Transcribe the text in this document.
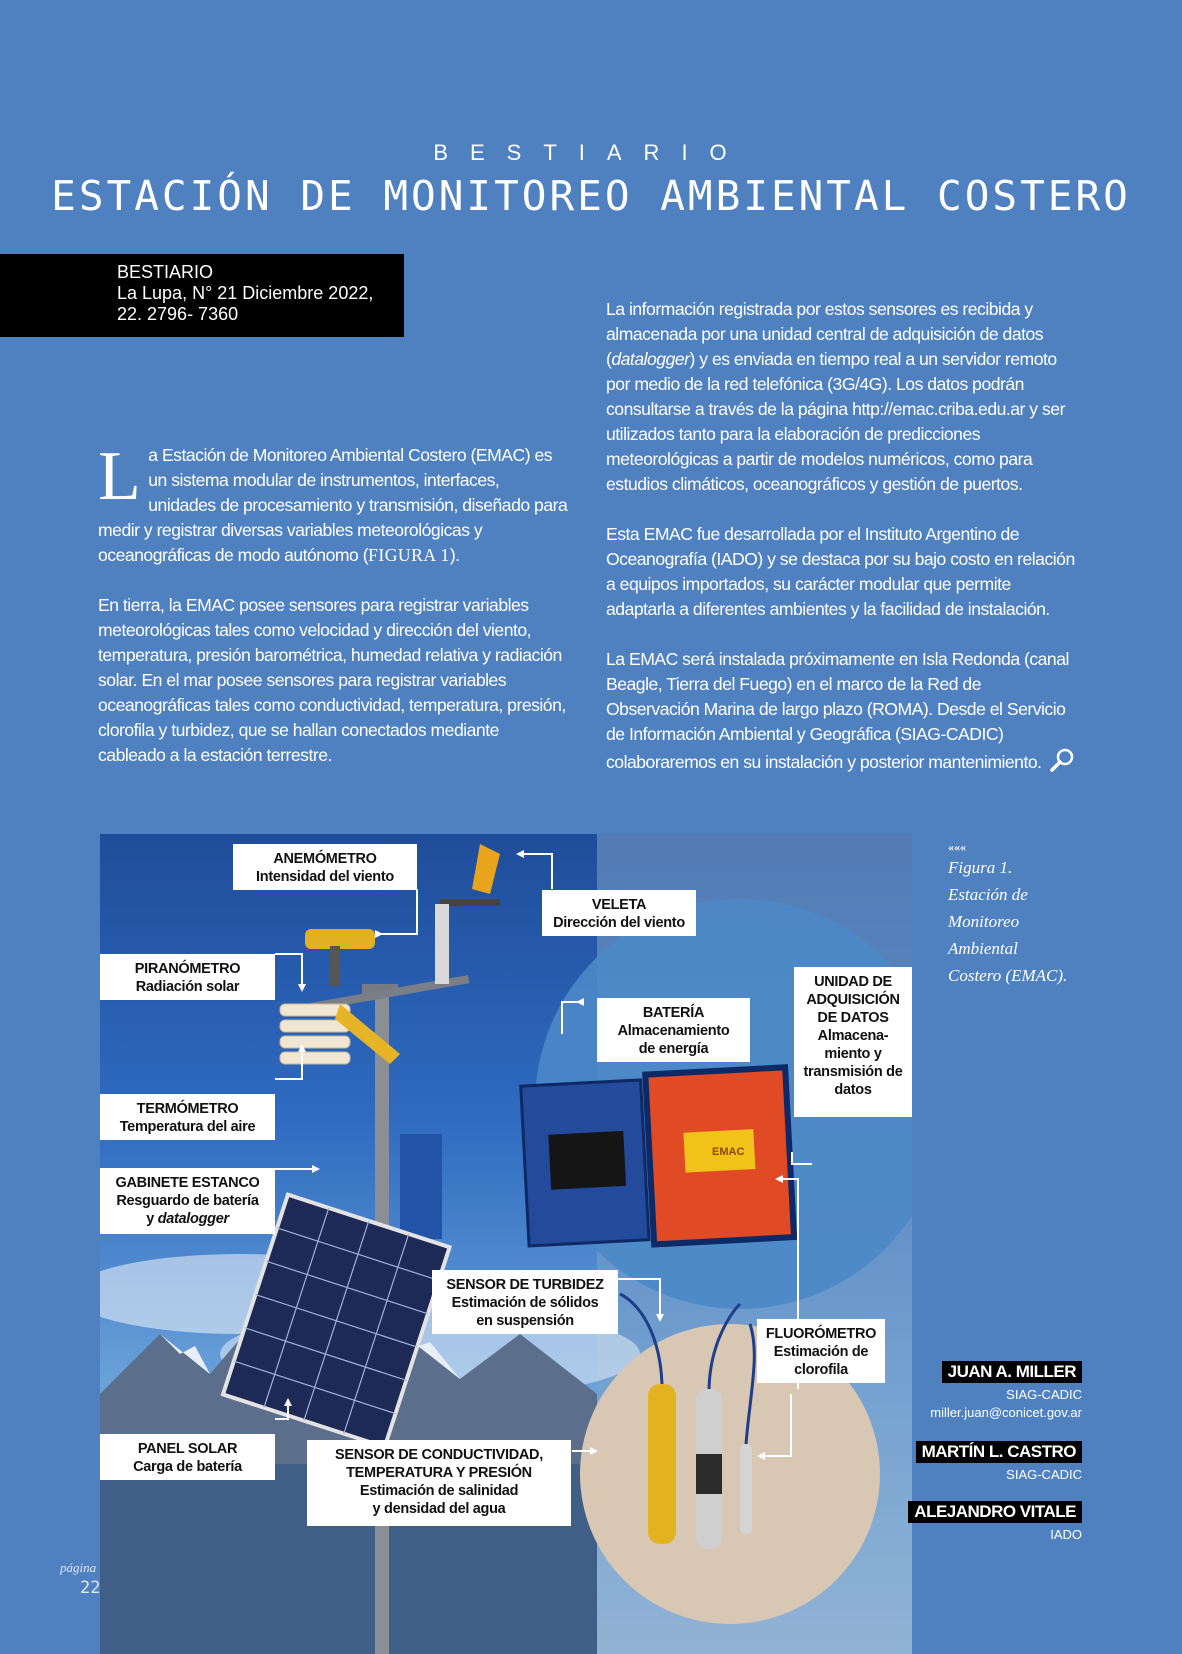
BESTIARIO
ESTACIÓN DE MONITOREO AMBIENTAL COSTERO
BESTIARIO
La Lupa, N° 21 Diciembre 2022,
22. 2796- 7360

La Estación de Monitoreo Ambiental Costero (EMAC) es un sistema modular de instrumentos, interfaces, unidades de procesamiento y transmisión, diseñado para medir y registrar diversas variables meteorológicas y oceanográficas de modo autónomo (FIGURA 1).

En tierra, la EMAC posee sensores para registrar variables meteorológicas tales como velocidad y dirección del viento, temperatura, presión barométrica, humedad relativa y radiación solar. En el mar posee sensores para registrar variables oceanográficas tales como conductividad, temperatura, presión, clorofila y turbidez, que se hallan conectados mediante cableado a la estación terrestre.

La información registrada por estos sensores es recibida y almacenada por una unidad central de adquisición de datos (datalogger) y es enviada en tiempo real a un servidor remoto por medio de la red telefónica (3G/4G). Los datos podrán consultarse a través de la página http://emac.criba.edu.ar y ser utilizados tanto para la elaboración de predicciones meteorológicas a partir de modelos numéricos, como para estudios climáticos, oceanográficos y gestión de puertos.

Esta EMAC fue desarrollada por el Instituto Argentino de Oceanografía (IADO) y se destaca por su bajo costo en relación a equipos importados, su carácter modular que permite adaptarla a diferentes ambientes y la facilidad de instalación.

La EMAC será instalada próximamente en Isla Redonda (canal Beagle, Tierra del Fuego) en el marco de la Red de Observación Marina de largo plazo (ROMA). Desde el Servicio de Información Ambiental y Geográfica (SIAG-CADIC) colaboraremos en su instalación y posterior mantenimiento.

EMAC
ANEMÓMETRO
Intensidad del viento
VELETA
Dirección del viento
PIRANÓMETRO
Radiación solar
BATERÍA
Almacenamiento
de energía
UNIDAD DE
ADQUISICIÓN
DE DATOS
Almacena-
miento y
transmisión de
datos
TERMÓMETRO
Temperatura del aire
GABINETE ESTANCO
Resguardo de batería
y datalogger
SENSOR DE TURBIDEZ
Estimación de sólidos
en suspensión
FLUORÓMETRO
Estimación de
clorofila
PANEL SOLAR
Carga de batería
SENSOR DE CONDUCTIVIDAD,
TEMPERATURA Y PRESIÓN
Estimación de salinidad
y densidad del agua
«««
Figura 1.
Estación de
Monitoreo
Ambiental
Costero (EMAC).
JUAN A. MILLER
SIAG-CADIC
miller.juan@conicet.gov.ar
MARTÍN L. CASTRO
SIAG-CADIC
ALEJANDRO VITALE
IADO
página
22
